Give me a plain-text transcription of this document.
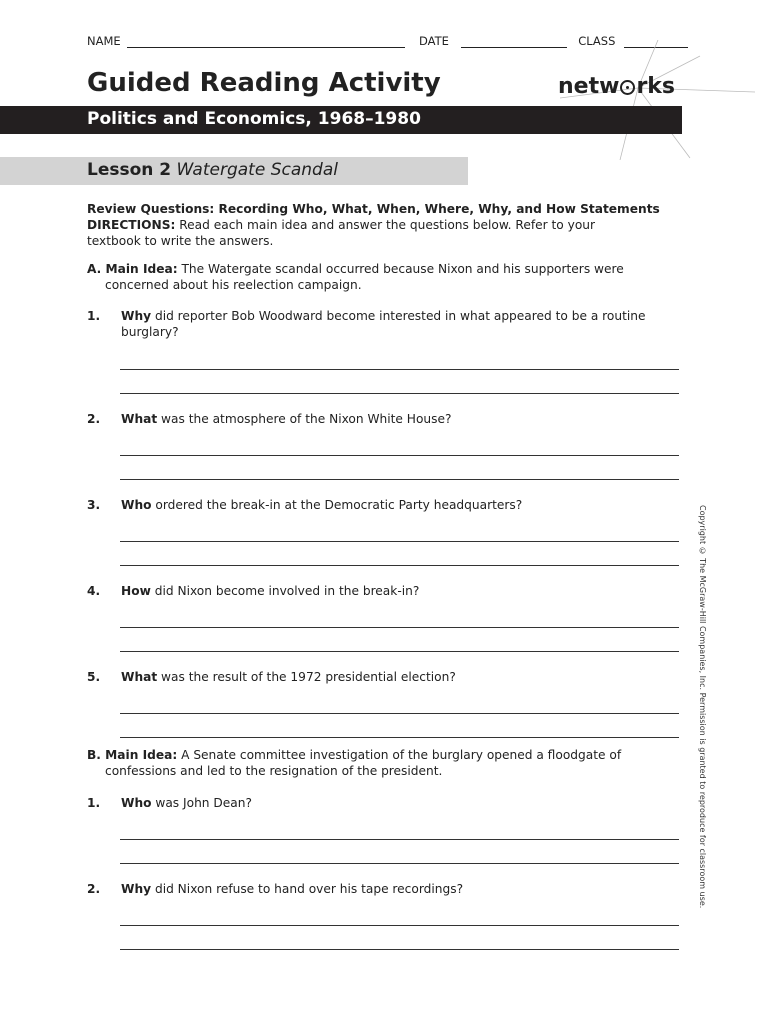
NAME	DATE	CLASS
Guided Reading Activity	netw rks
Politics and Economics, 1968–1980
Lesson 2 Watergate Scandal
Review Questions: Recording Who, What, When, Where, Why, and How Statements
DIRECTIONS: Read each main idea and answer the questions below. Refer to your textbook to write the answers.
A. Main Idea: The Watergate scandal occurred because Nixon and his supporters were concerned about his reelection campaign.
1. Why did reporter Bob Woodward become interested in what appeared to be a routine burglary?
2. What was the atmosphere of the Nixon White House?
3. Who ordered the break-in at the Democratic Party headquarters?
4. How did Nixon become involved in the break-in?
5. What was the result of the 1972 presidential election?
B. Main Idea: A Senate committee investigation of the burglary opened a floodgate of confessions and led to the resignation of the president.
1. Who was John Dean?
2. Why did Nixon refuse to hand over his tape recordings?	Copyright © The McGraw-Hill Companies, Inc. Permission is granted to reproduce for classroom use.
